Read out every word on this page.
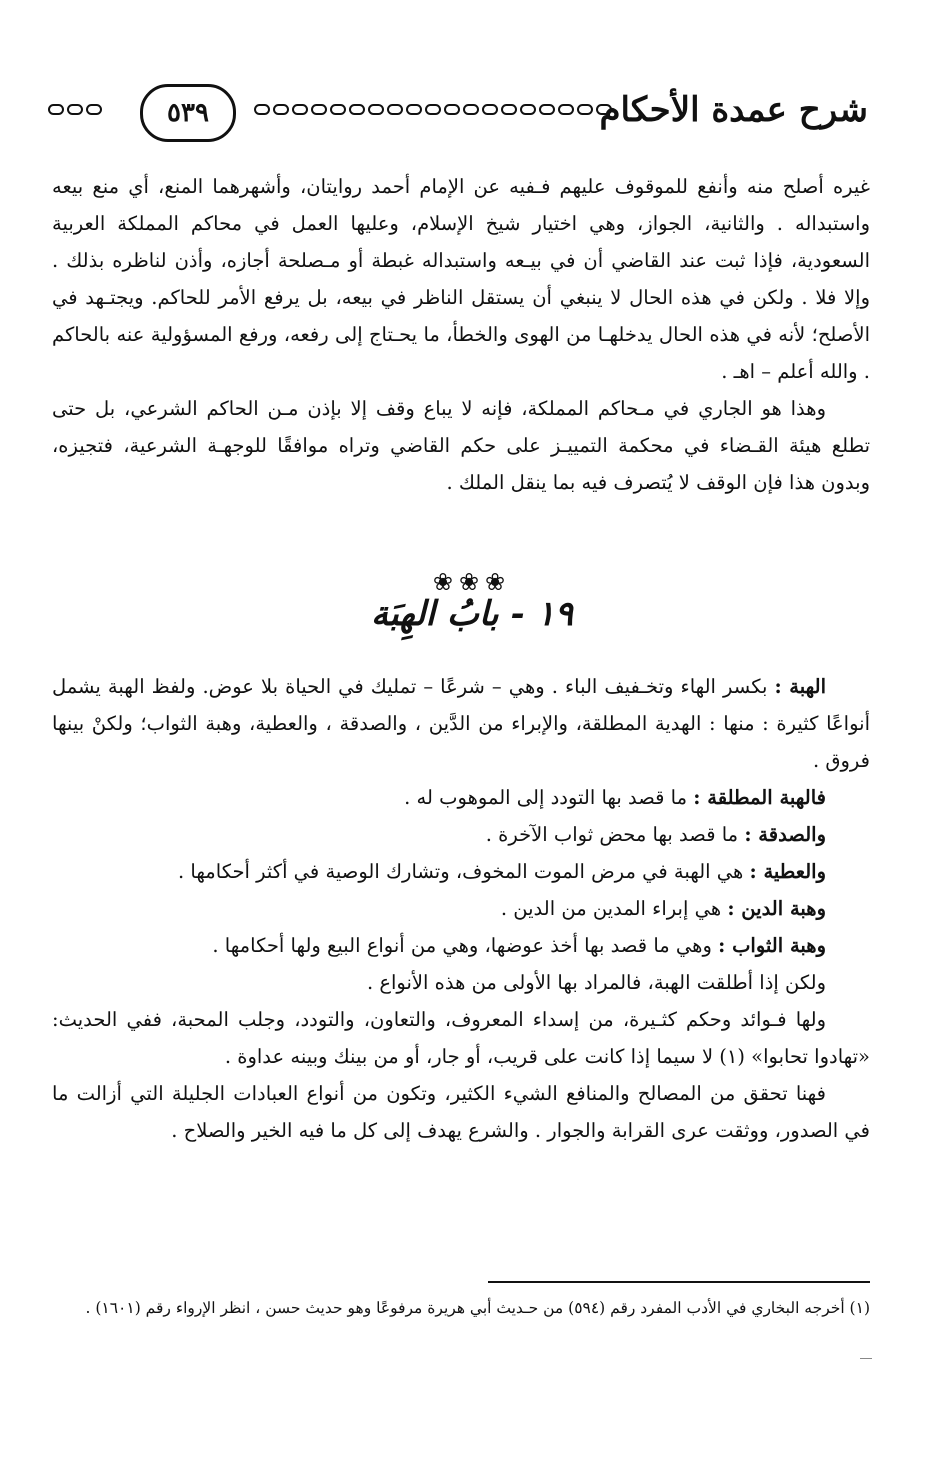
٥٣٩	شرح عمدة الأحكام

غيره أصلح منه وأنفع للموقوف عليهم فـفيه عن الإمام أحمد روايتان، وأشهرهما المنع، أي منع بيعه واستبداله . والثانية، الجواز، وهي اختيار شيخ الإسلام، وعليها العمل في محاكم المملكة العربية السعودية، فإذا ثبت عند القاضي أن في بيـعه واستبداله غبطة أو مـصلحة أجازه، وأذن لناظره بذلك . وإلا فلا . ولكن في هذه الحال لا ينبغي أن يستقل الناظر في بيعه، بل يرفع الأمر للحاكم. ويجتـهد في الأصلح؛ لأنه في هذه الحال يدخلهـا من الهوى والخطأ، ما يحـتاج إلى رفعه، ورفع المسؤولية عنه بالحاكم . والله أعلم – اهـ .

وهذا هو الجاري في مـحاكم المملكة، فإنه لا يباع وقف إلا بإذن مـن الحاكم الشرعي، بل حتى تطلع هيئة القـضاء في محكمة التمييـز على حكم القاضي وتراه موافقًا للوجهـة الشرعية، فتجيزه، وبدون هذا فإن الوقف لا يُتصرف فيه بما ينقل الملك .

❀❀❀
١٩ - بابُ الهِبَة

الهبة : بكسر الهاء وتخـفيف الباء . وهي – شرعًا – تمليك في الحياة بلا عوض. ولفظ الهبة يشمل أنواعًا كثيرة : منها : الهدية المطلقة، والإبراء من الدَّين ، والصدقة ، والعطية، وهبة الثواب؛ ولكنْ بينها فروق .

فالهبة المطلقة : ما قصد بها التودد إلى الموهوب له .

والصدقة : ما قصد بها محض ثواب الآخرة .

والعطية : هي الهبة في مرض الموت المخوف، وتشارك الوصية في أكثر أحكامها .

وهبة الدين : هي إبراء المدين من الدين .

وهبة الثواب : وهي ما قصد بها أخذ عوضها، وهي من أنواع البيع ولها أحكامها .

ولكن إذا أطلقت الهبة، فالمراد بها الأولى من هذه الأنواع .

ولها فـوائد وحكم كثـيرة، من إسداء المعروف، والتعاون، والتودد، وجلب المحبة، ففي الحديث: «تهادوا تحابوا» (١) لا سيما إذا كانت على قريب، أو جار، أو من بينك وبينه عداوة .

فهنا تحقق من المصالح والمنافع الشيء الكثير، وتكون من أنواع العبادات الجليلة التي أزالت ما في الصدور، ووثقت عرى القرابة والجوار . والشرع يهدف إلى كل ما فيه الخير والصلاح .

(١) أخرجه البخاري في الأدب المفرد رقم (٥٩٤) من حـديث أبي هريرة مرفوعًا وهو حديث حسن ، انظر الإرواء رقم (١٦٠١) .
